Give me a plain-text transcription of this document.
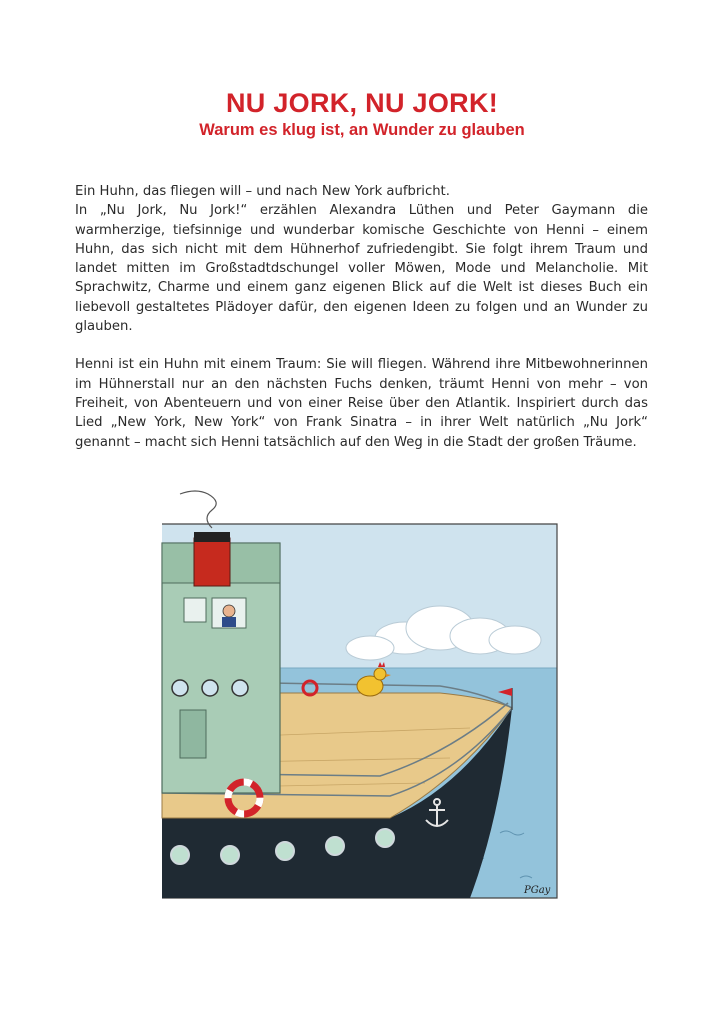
NU JORK, NU JORK!
Warum es klug ist, an Wunder zu glauben

Ein Huhn, das fliegen will – und nach New York aufbricht.
In „Nu Jork, Nu Jork!“ erzählen Alexandra Lüthen und Peter Gaymann die warmherzige, tiefsinnige und wunderbar komische Geschichte von Henni – einem Huhn, das sich nicht mit dem Hühnerhof zufriedengibt. Sie folgt ihrem Traum und landet mitten im Großstadtdschungel voller Möwen, Mode und Melancholie. Mit Sprachwitz, Charme und einem ganz eigenen Blick auf die Welt ist dieses Buch ein liebevoll gestaltetes Plädoyer dafür, den eigenen Ideen zu folgen und an Wunder zu glauben.

Henni ist ein Huhn mit einem Traum: Sie will fliegen. Während ihre Mitbewohnerinnen im Hühnerstall nur an den nächsten Fuchs denken, träumt Henni von mehr – von Freiheit, von Abenteuern und von einer Reise über den Atlantik. Inspiriert durch das Lied „New York, New York“ von Frank Sinatra – in ihrer Welt natürlich „Nu Jork“ genannt – macht sich Henni tatsächlich auf den Weg in die Stadt der großen Träume.

PGay
